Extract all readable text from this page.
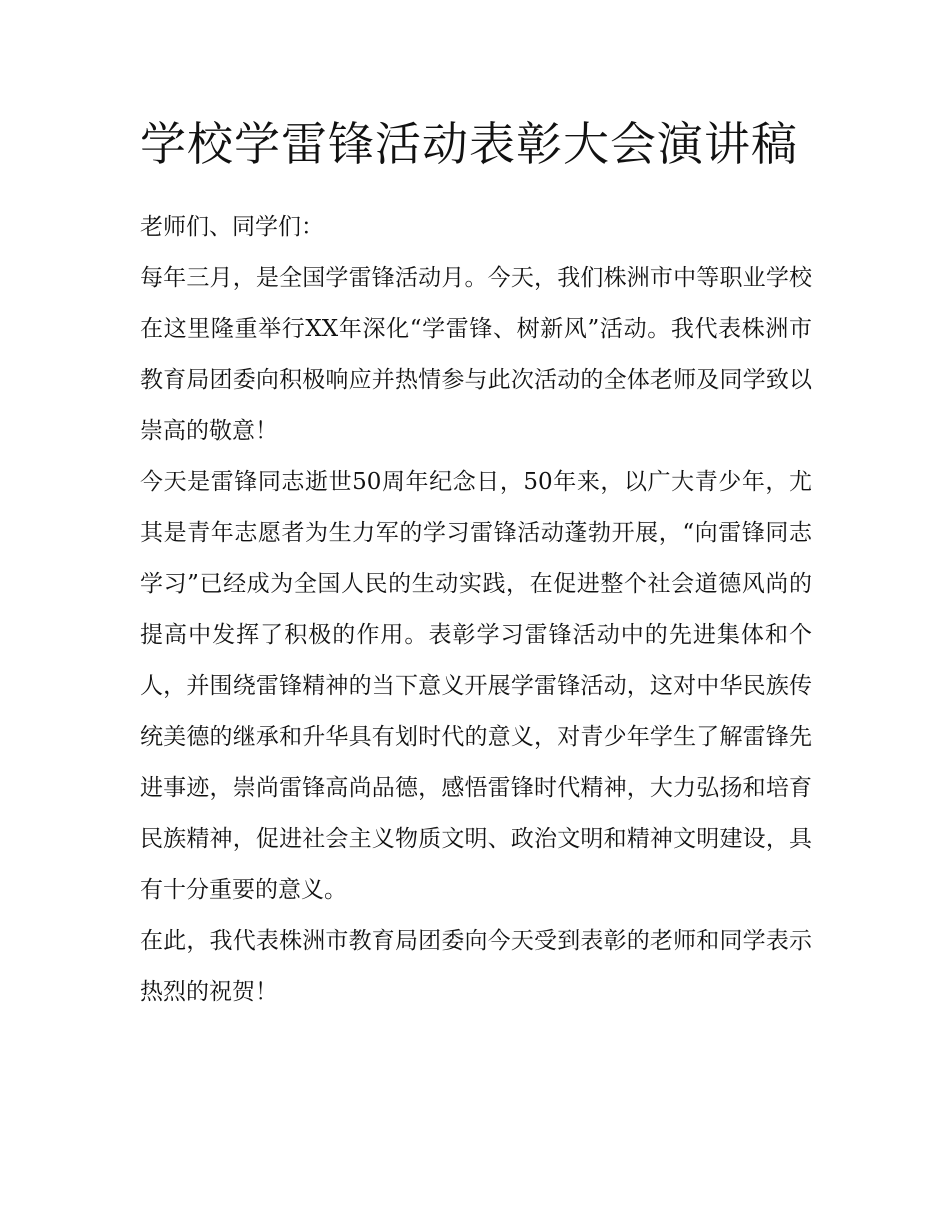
学校学雷锋活动表彰大会演讲稿

老师们、同学们：

每年三月，是全国学雷锋活动月。今天，我们株洲市中等职业学校在这里隆重举行XX年深化“学雷锋、树新风”活动。我代表株洲市教育局团委向积极响应并热情参与此次活动的全体老师及同学致以崇高的敬意！

今天是雷锋同志逝世50周年纪念日，50年来，以广大青少年，尤其是青年志愿者为生力军的学习雷锋活动蓬勃开展，“向雷锋同志学习”已经成为全国人民的生动实践，在促进整个社会道德风尚的提高中发挥了积极的作用。表彰学习雷锋活动中的先进集体和个人，并围绕雷锋精神的当下意义开展学雷锋活动，这对中华民族传统美德的继承和升华具有划时代的意义，对青少年学生了解雷锋先进事迹，崇尚雷锋高尚品德，感悟雷锋时代精神，大力弘扬和培育民族精神，促进社会主义物质文明、政治文明和精神文明建设，具有十分重要的意义。

在此，我代表株洲市教育局团委向今天受到表彰的老师和同学表示热烈的祝贺！
